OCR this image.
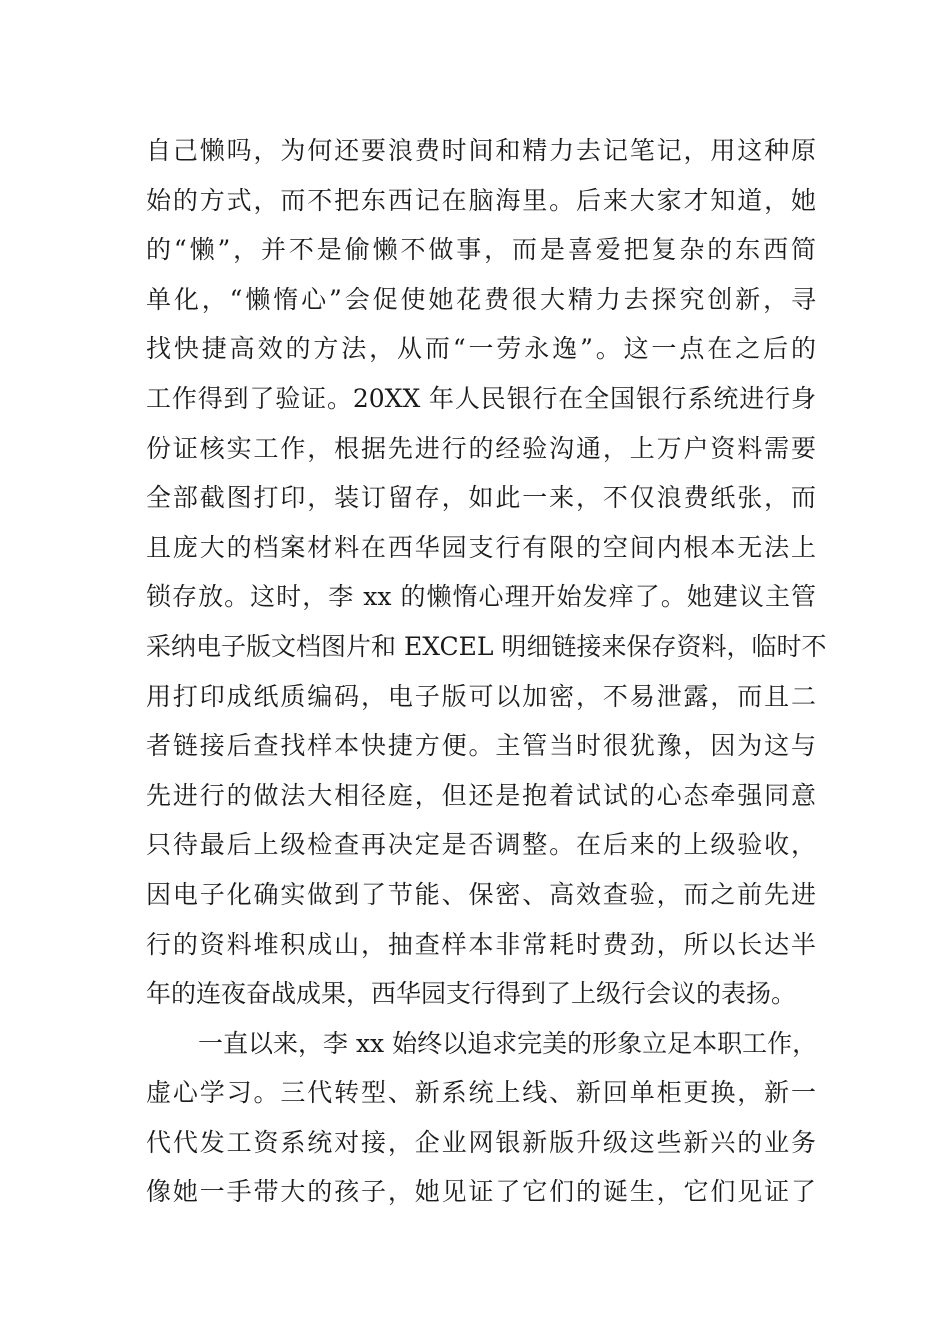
自己懒吗，为何还要浪费时间和精力去记笔记，用这种原
始的方式，而不把东西记在脑海里。后来大家才知道，她
的“懒”，并不是偷懒不做事，而是喜爱把复杂的东西简
单化，“懒惰心”会促使她花费很大精力去探究创新，寻
找快捷高效的方法，从而“一劳永逸”。这一点在之后的
工作得到了验证。20XX 年人民银行在全国银行系统进行身
份证核实工作，根据先进行的经验沟通，上万户资料需要
全部截图打印，装订留存，如此一来，不仅浪费纸张，而
且庞大的档案材料在西华园支行有限的空间内根本无法上
锁存放。这时，李 xx 的懒惰心理开始发痒了。她建议主管
采纳电子版文档图片和 EXCEL 明细链接来保存资料，临时不
用打印成纸质编码，电子版可以加密，不易泄露，而且二
者链接后查找样本快捷方便。主管当时很犹豫，因为这与
先进行的做法大相径庭，但还是抱着试试的心态牵强同意
只待最后上级检查再决定是否调整。在后来的上级验收，
因电子化确实做到了节能、保密、高效查验，而之前先进
行的资料堆积成山，抽查样本非常耗时费劲，所以长达半
年的连夜奋战成果，西华园支行得到了上级行会议的表扬。
一直以来，李 xx 始终以追求完美的形象立足本职工作，
虚心学习。三代转型、新系统上线、新回单柜更换，新一
代代发工资系统对接，企业网银新版升级这些新兴的业务
像她一手带大的孩子，她见证了它们的诞生，它们见证了
